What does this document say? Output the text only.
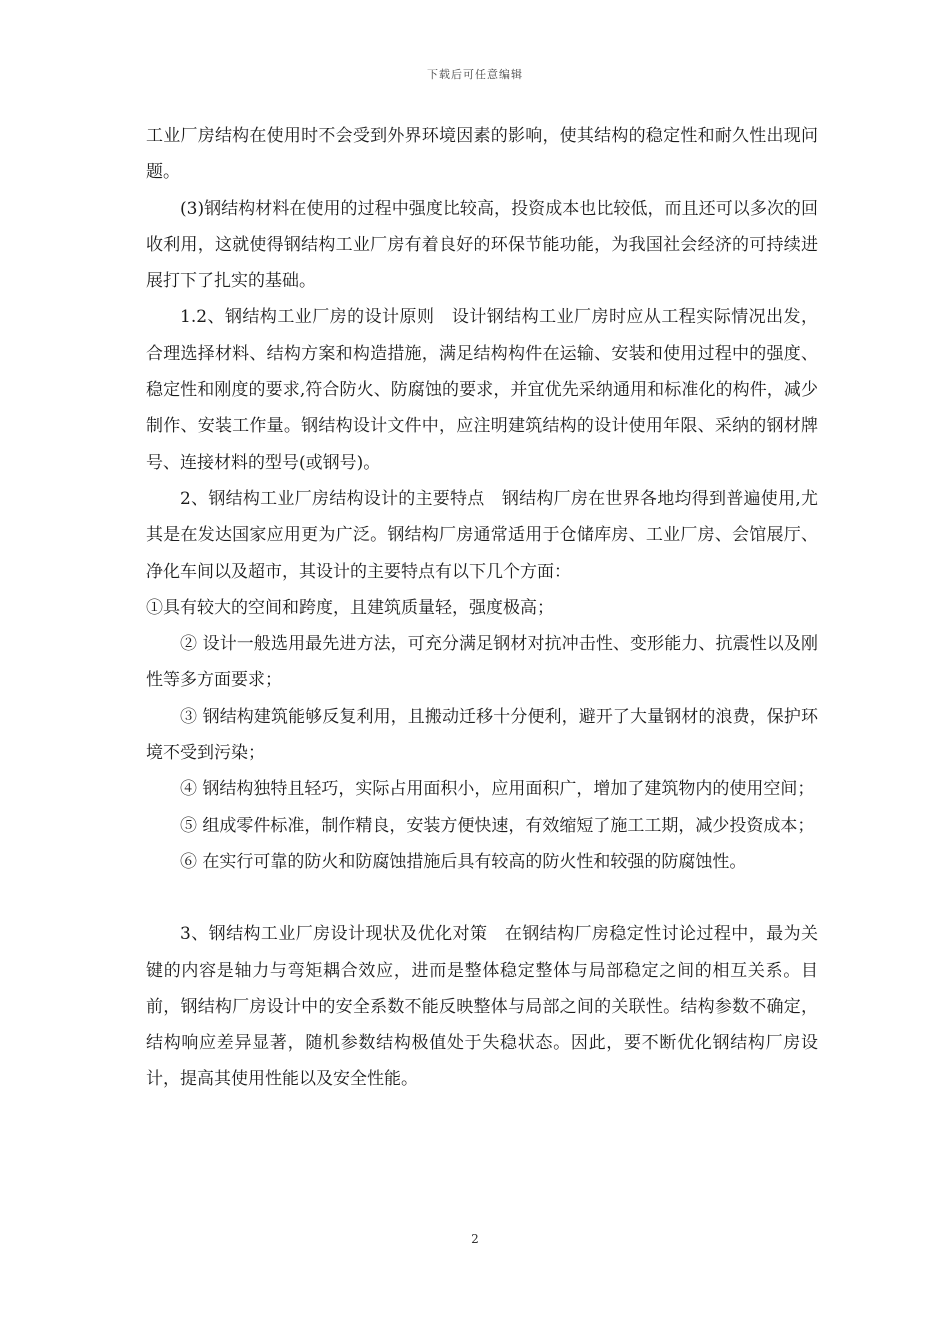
下载后可任意编辑

工业厂房结构在使用时不会受到外界环境因素的影响，使其结构的稳定性和耐久性出现问题。

(3)钢结构材料在使用的过程中强度比较高，投资成本也比较低，而且还可以多次的回收利用，这就使得钢结构工业厂房有着良好的环保节能功能，为我国社会经济的可持续进展打下了扎实的基础。

1.2、钢结构工业厂房的设计原则　设计钢结构工业厂房时应从工程实际情况出发，合理选择材料、结构方案和构造措施，满足结构构件在运输、安装和使用过程中的强度、稳定性和刚度的要求,符合防火、防腐蚀的要求，并宜优先采纳通用和标准化的构件，减少制作、安装工作量。钢结构设计文件中，应注明建筑结构的设计使用年限、采纳的钢材牌号、连接材料的型号(或钢号)。

2、钢结构工业厂房结构设计的主要特点　钢结构厂房在世界各地均得到普遍使用,尤其是在发达国家应用更为广泛。钢结构厂房通常适用于仓储库房、工业厂房、会馆展厅、净化车间以及超市，其设计的主要特点有以下几个方面：

①具有较大的空间和跨度，且建筑质量轻，强度极高；

② 设计一般选用最先进方法，可充分满足钢材对抗冲击性、变形能力、抗震性以及刚性等多方面要求；

③ 钢结构建筑能够反复利用，且搬动迁移十分便利，避开了大量钢材的浪费，保护环境不受到污染；

④ 钢结构独特且轻巧，实际占用面积小，应用面积广，增加了建筑物内的使用空间；

⑤ 组成零件标准，制作精良，安装方便快速，有效缩短了施工工期，减少投资成本；

⑥ 在实行可靠的防火和防腐蚀措施后具有较高的防火性和较强的防腐蚀性。

3、钢结构工业厂房设计现状及优化对策　在钢结构厂房稳定性讨论过程中，最为关键的内容是轴力与弯矩耦合效应，进而是整体稳定整体与局部稳定之间的相互关系。目前，钢结构厂房设计中的安全系数不能反映整体与局部之间的关联性。结构参数不确定，结构响应差异显著，随机参数结构极值处于失稳状态。因此，要不断优化钢结构厂房设计，提高其使用性能以及安全性能。

2
